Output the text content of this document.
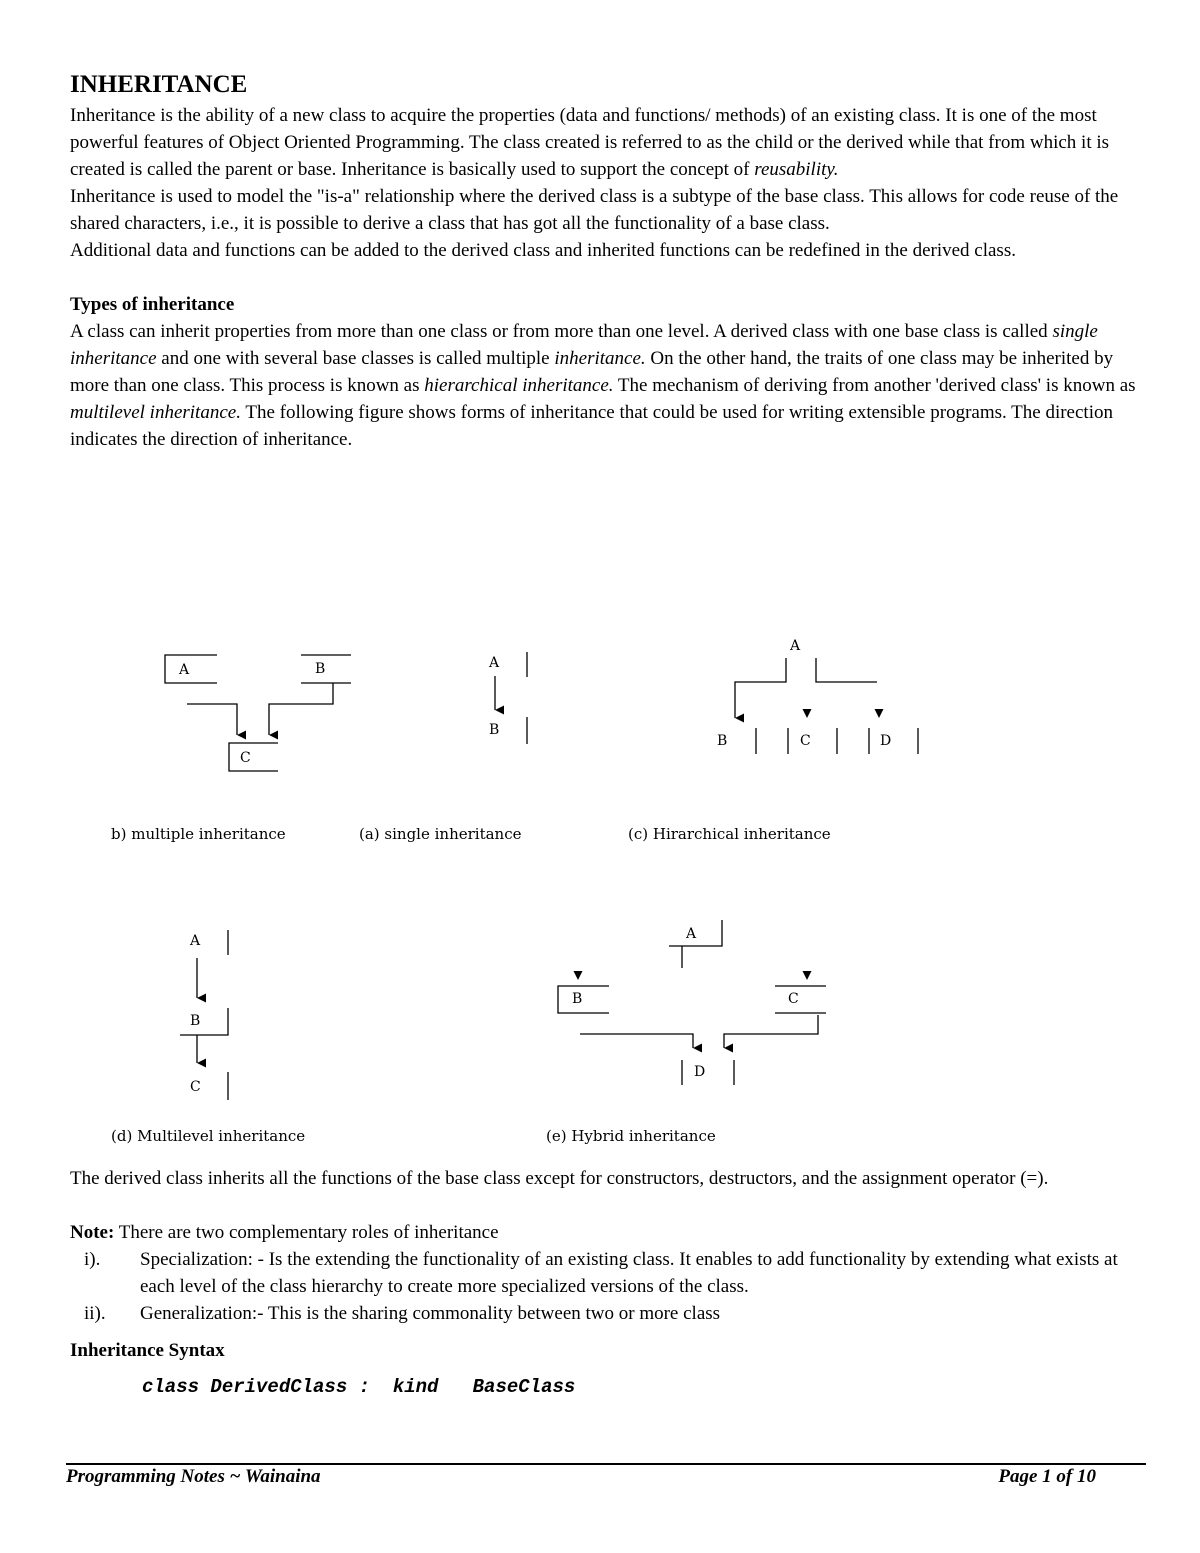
INHERITANCE

Inheritance is the ability of a new class to acquire the properties (data and functions/ methods) of an existing class. It is one of the most powerful features of Object Oriented Programming. The class created is referred to as the child or the derived while that from which it is created is called the parent or base. Inheritance is basically used to support the concept of reusability.

Inheritance is used to model the "is-a" relationship where the derived class is a subtype of the base class. This allows for code reuse of the shared characters, i.e., it is possible to derive a class that has got all the functionality of a base class.

Additional data and functions can be added to the derived class and inherited functions can be redefined in the derived class.

Types of inheritance

A class can inherit properties from more than one class or from more than one level. A derived class with one base class is called single inheritance and one with several base classes is called multiple inheritance. On the other hand, the traits of one class may be inherited by more than one class. This process is known as hierarchical inheritance. The mechanism of deriving from another 'derived class' is known as multilevel inheritance. The following figure shows forms of inheritance that could be used for writing extensible programs. The direction indicates the direction of inheritance.

A	B
C
A
B
A
B	C	D
A
B
C
A
B	C
D
b) multiple inheritance	(a) single inheritance	(c) Hirarchical inheritance
(d) Multilevel inheritance	(e) Hybrid inheritance

The derived class inherits all the functions of the base class except for constructors, destructors, and the assignment operator (=).

Note: There are two complementary roles of inheritance

i). Specialization: - Is the extending the functionality of an existing class. It enables to add functionality by extending what exists at each level of the class hierarchy to create more specialized versions of the class.
ii). Generalization:- This is the sharing commonality between two or more class
Inheritance Syntax
class DerivedClass :  kind   BaseClass
Programming Notes ~ Wainaina	Page 1 of 10
